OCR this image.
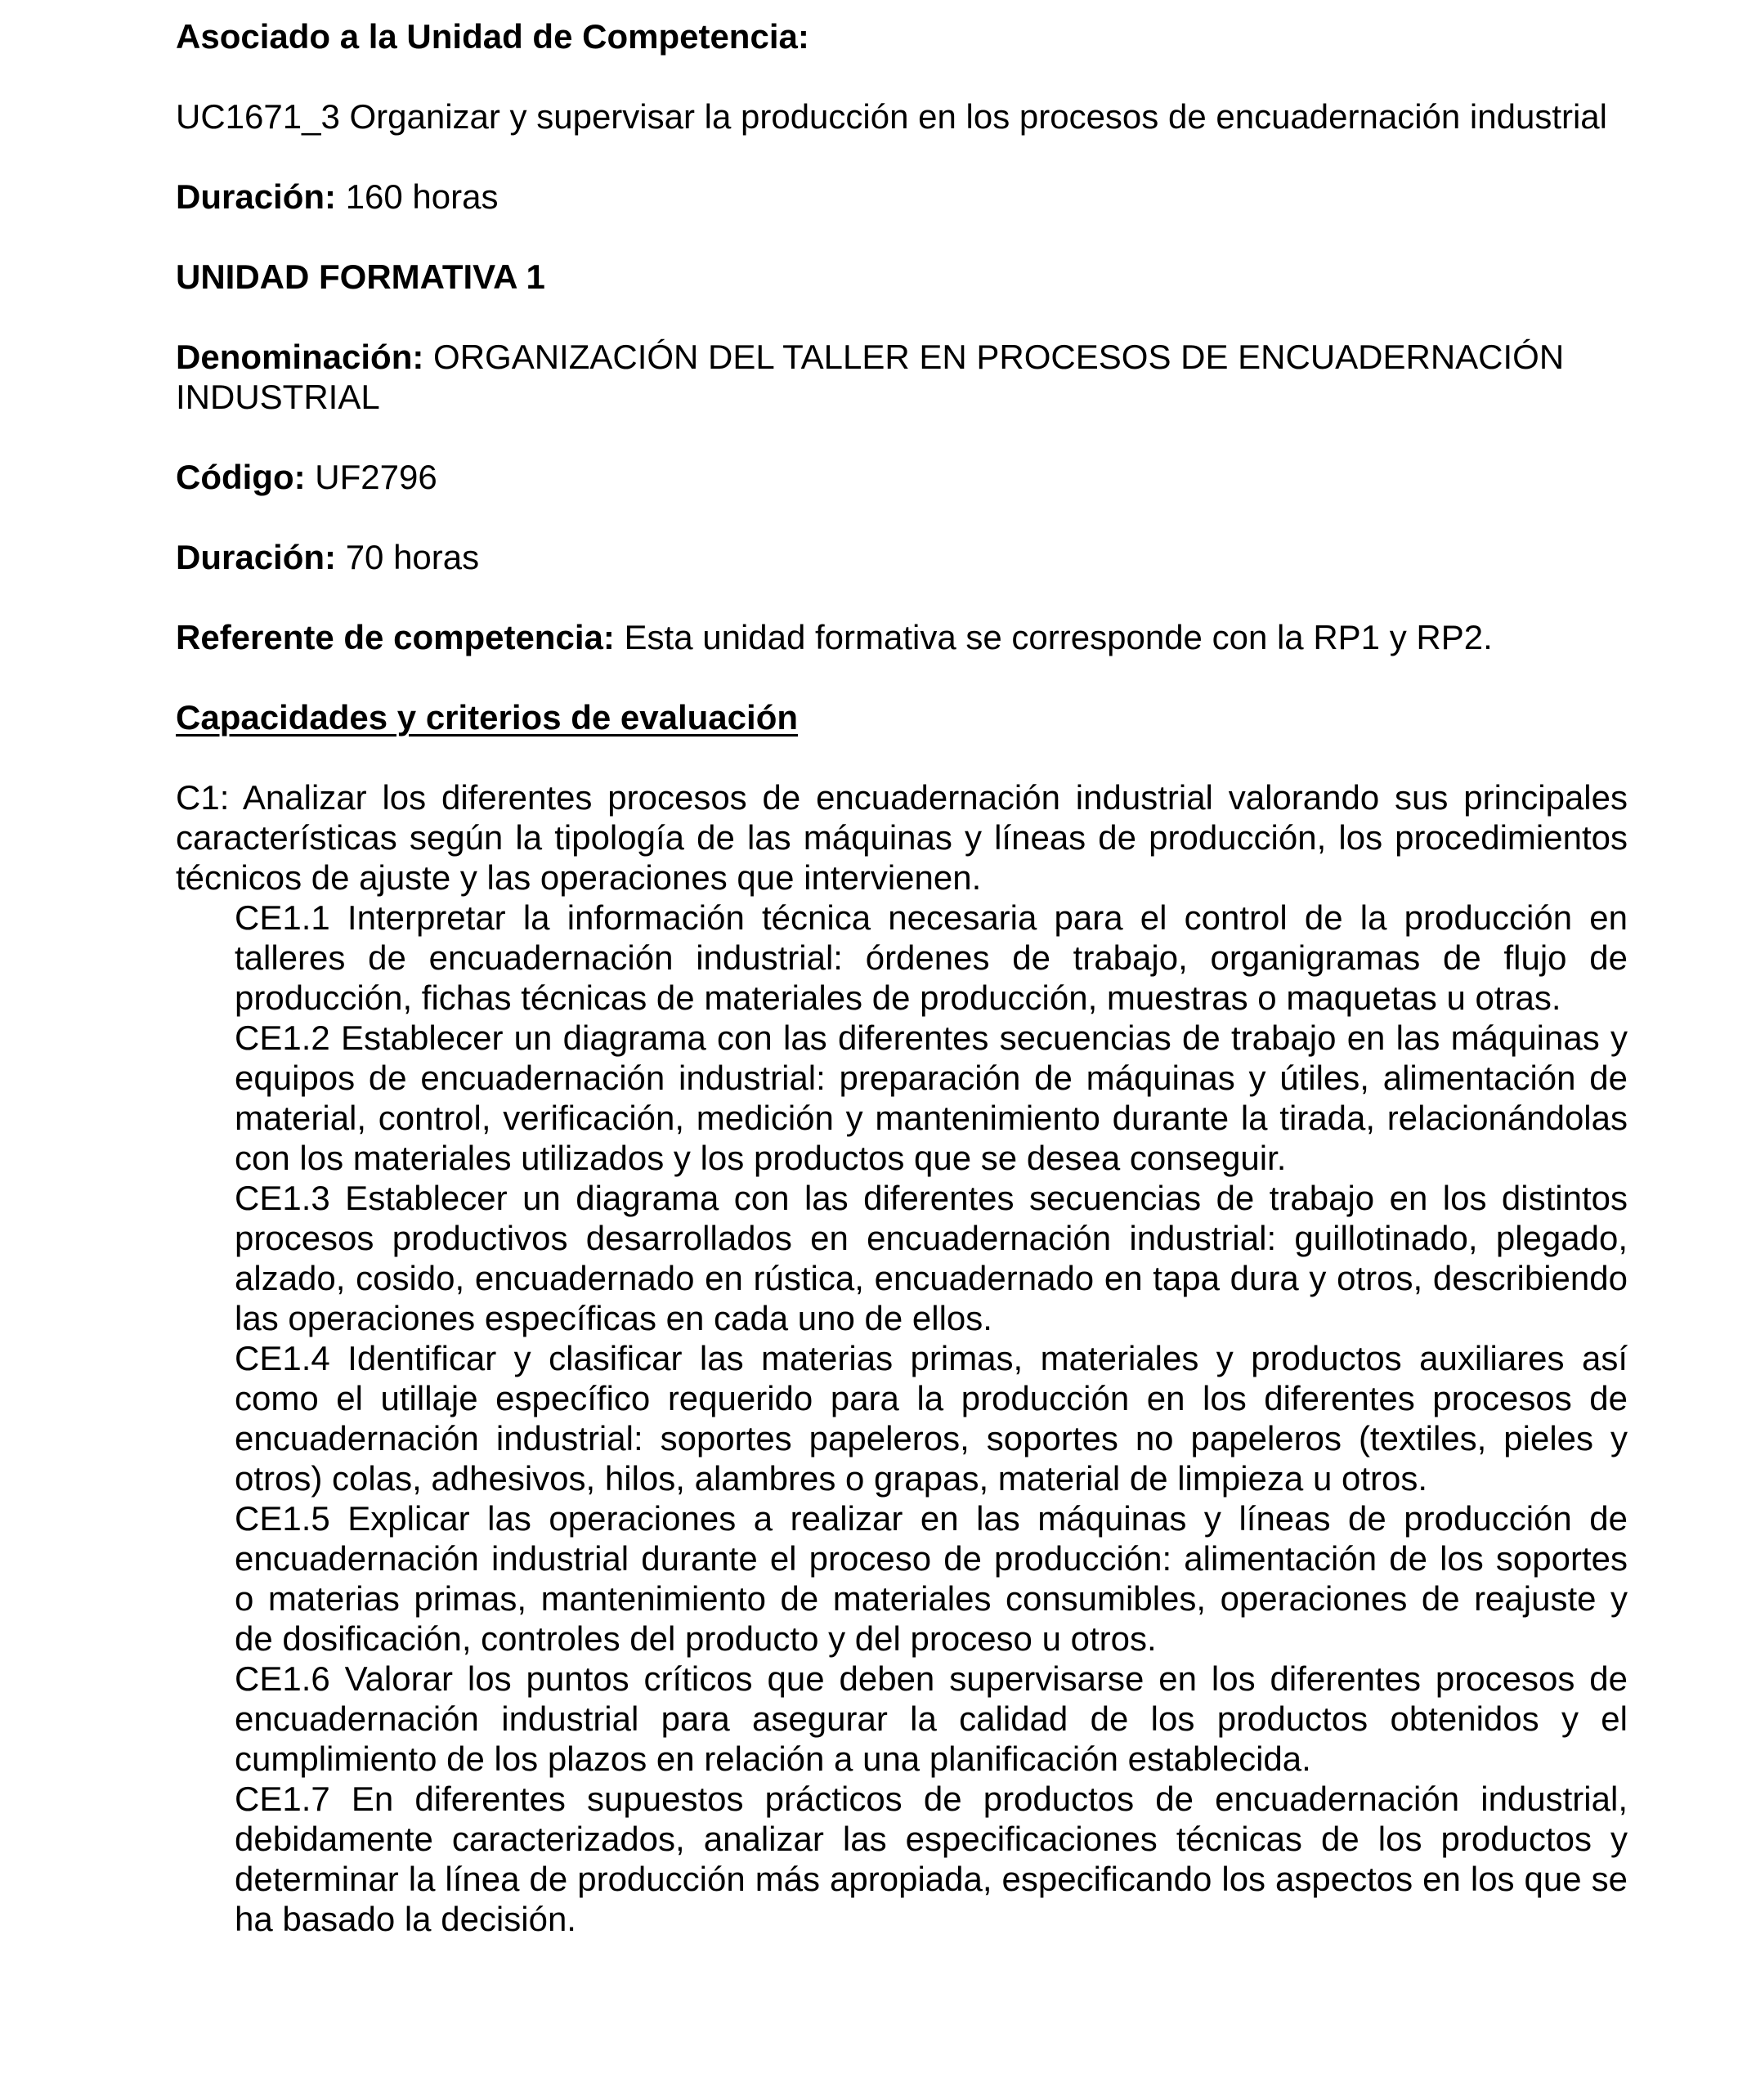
Asociado a la Unidad de Competencia:
UC1671_3 Organizar y supervisar la producción en los procesos de encuadernación industrial
Duración: 160 horas
UNIDAD FORMATIVA 1
Denominación: ORGANIZACIÓN DEL TALLER EN PROCESOS DE ENCUADERNACIÓN INDUSTRIAL
Código: UF2796
Duración: 70 horas
Referente de competencia: Esta unidad formativa se corresponde con la RP1 y RP2.
Capacidades y criterios de evaluación
C1: Analizar los diferentes procesos de encuadernación industrial valorando sus principales características según la tipología de las máquinas y líneas de producción, los procedimientos técnicos de ajuste y las operaciones que intervienen.
CE1.1 Interpretar la información técnica necesaria para el control de la producción en talleres de encuadernación industrial: órdenes de trabajo, organigramas de flujo de producción, fichas técnicas de materiales de producción, muestras o maquetas u otras.
CE1.2 Establecer un diagrama con las diferentes secuencias de trabajo en las máquinas y equipos de encuadernación industrial: preparación de máquinas y útiles, alimentación de material, control, verificación, medición y mantenimiento durante la tirada, relacionándolas con los materiales utilizados y los productos que se desea conseguir.
CE1.3 Establecer un diagrama con las diferentes secuencias de trabajo en los distintos procesos productivos desarrollados en encuadernación industrial: guillotinado, plegado, alzado, cosido, encuadernado en rústica, encuadernado en tapa dura y otros, describiendo las operaciones específicas en cada uno de ellos.
CE1.4 Identificar y clasificar las materias primas, materiales y productos auxiliares así como el utillaje específico requerido para la producción en los diferentes procesos de encuadernación industrial: soportes papeleros, soportes no papeleros (textiles, pieles y otros) colas, adhesivos, hilos, alambres o grapas, material de limpieza u otros.
CE1.5 Explicar las operaciones a realizar en las máquinas y líneas de producción de encuadernación industrial durante el proceso de producción: alimentación de los soportes o materias primas, mantenimiento de materiales consumibles, operaciones de reajuste y de dosificación, controles del producto y del proceso u otros.
CE1.6 Valorar los puntos críticos que deben supervisarse en los diferentes procesos de encuadernación industrial para asegurar la calidad de los productos obtenidos y el cumplimiento de los plazos en relación a una planificación establecida.
CE1.7 En diferentes supuestos prácticos de productos de encuadernación industrial, debidamente caracterizados, analizar las especificaciones técnicas de los productos y determinar la línea de producción más apropiada, especificando los aspectos en los que se ha basado la decisión.
